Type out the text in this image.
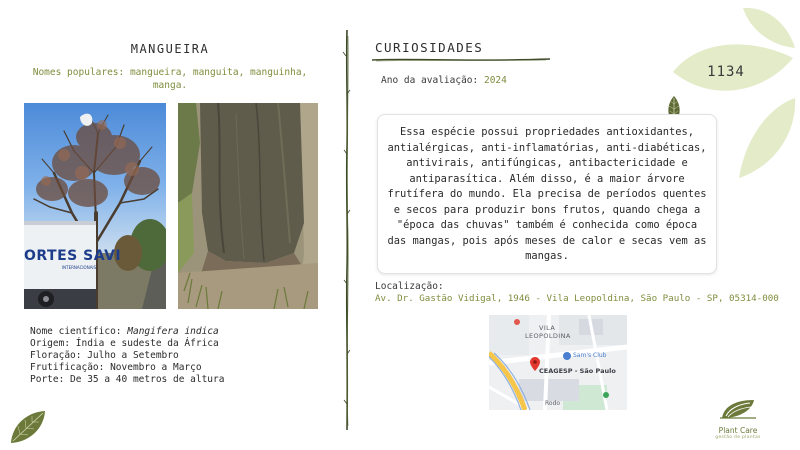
1134
MANGUEIRA
Nomes populares: mangueira, manguita, manguinha, manga.
ORTES SAVI
INTERNACIONAIS
Nome científico: Mangifera indica
Origem: Índia e sudeste da África
Floração: Julho a Setembro
Frutificação: Novembro a Março
Porte: De 35 a 40 metros de altura
CURIOSIDADES
Ano da avaliação: 2024
Essa espécie possui propriedades antioxidantes, antialérgicas, anti-inflamatórias, anti-diabéticas, antivirais, antifúngicas, antibactericidade e antiparasítica. Além disso, é a maior árvore frutífera do mundo. Ela precisa de períodos quentes e secos para produzir bons frutos, quando chega a "época das chuvas" também é conhecida como época das mangas, pois após meses de calor e secas vem as mangas.
Localização:
Av. Dr. Gastão Vidigal, 1946 - Vila Leopoldina, São Paulo - SP, 05314-000
VILA
LEOPOLDINA
Sam's Club
CEAGESP - São Paulo
Rodo
Plant Care
gestão de plantas
